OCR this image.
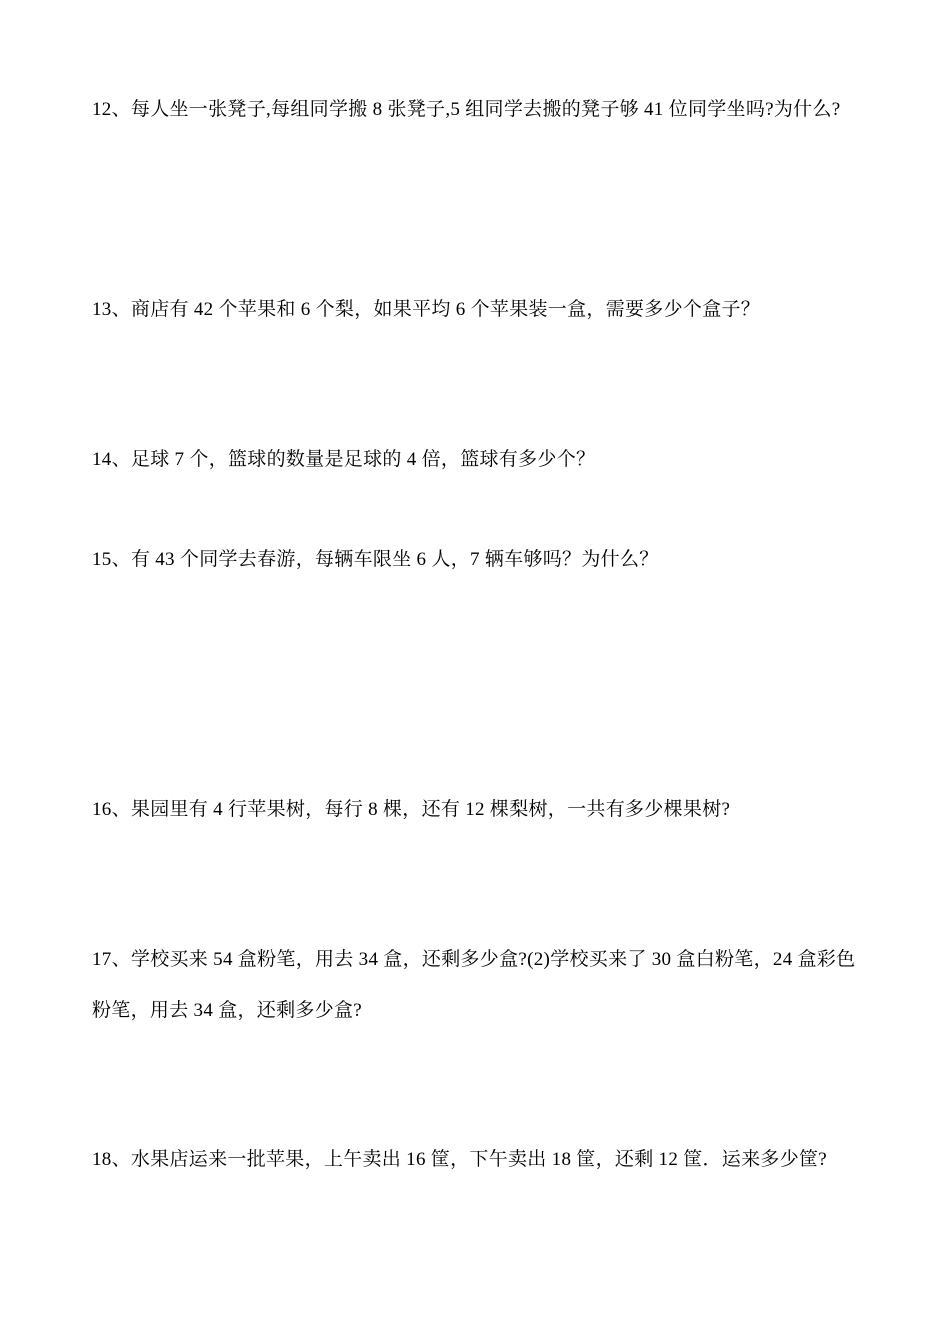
12、每人坐一张凳子,每组同学搬 8 张凳子,5 组同学去搬的凳子够 41 位同学坐吗?为什么?
13、商店有 42 个苹果和 6 个梨，如果平均 6 个苹果装一盒，需要多少个盒子？
14、足球 7 个，篮球的数量是足球的 4 倍，篮球有多少个？
15、有 43 个同学去春游，每辆车限坐 6 人，7 辆车够吗？为什么？
16、果园里有 4 行苹果树，每行 8 棵，还有 12 棵梨树，一共有多少棵果树?
17、学校买来 54 盒粉笔，用去 34 盒，还剩多少盒?(2)学校买来了 30 盒白粉笔，24 盒彩色粉笔，用去 34 盒，还剩多少盒?
18、水果店运来一批苹果，上午卖出 16 筐，下午卖出 18 筐，还剩 12 筐．运来多少筐?
